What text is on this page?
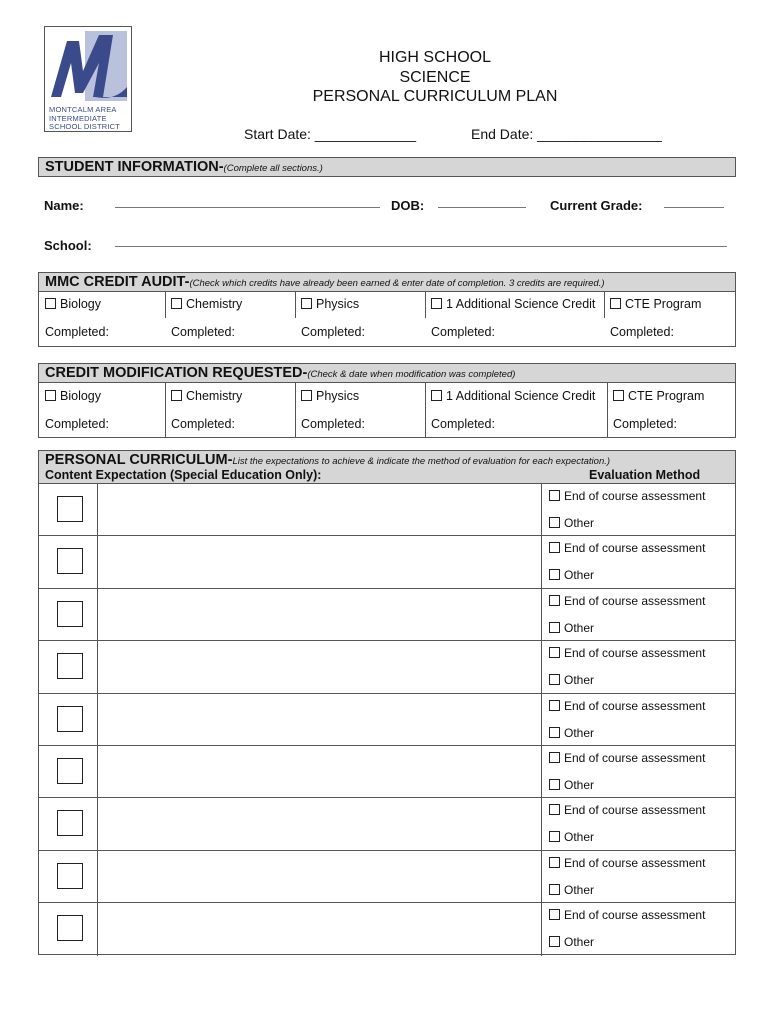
MONTCALM AREA
INTERMEDIATE
SCHOOL DISTRICT
HIGH SCHOOL
SCIENCE
PERSONAL CURRICULUM PLAN
Start Date: _____________	End Date: ________________
STUDENT INFORMATION-(Complete all sections.)
Name:	DOB:	Current Grade:
School:
MMC CREDIT AUDIT-(Check which credits have already been earned & enter date of completion. 3 credits are required.)
Biology	Chemistry	Physics	1 Additional Science Credit	CTE Program
Completed:	Completed:	Completed:	Completed:	Completed:
CREDIT MODIFICATION REQUESTED-(Check & date when modification was completed)
Biology	Chemistry	Physics	1 Additional Science Credit	CTE Program
Completed:	Completed:	Completed:	Completed:	Completed:
PERSONAL CURRICULUM-List the expectations to achieve & indicate the method of evaluation for each expectation.)
Content Expectation (Special Education Only):	Evaluation Method
End of course assessment
Other
End of course assessment
Other
End of course assessment
Other
End of course assessment
Other
End of course assessment
Other
End of course assessment
Other
End of course assessment
Other
End of course assessment
Other
End of course assessment
Other
